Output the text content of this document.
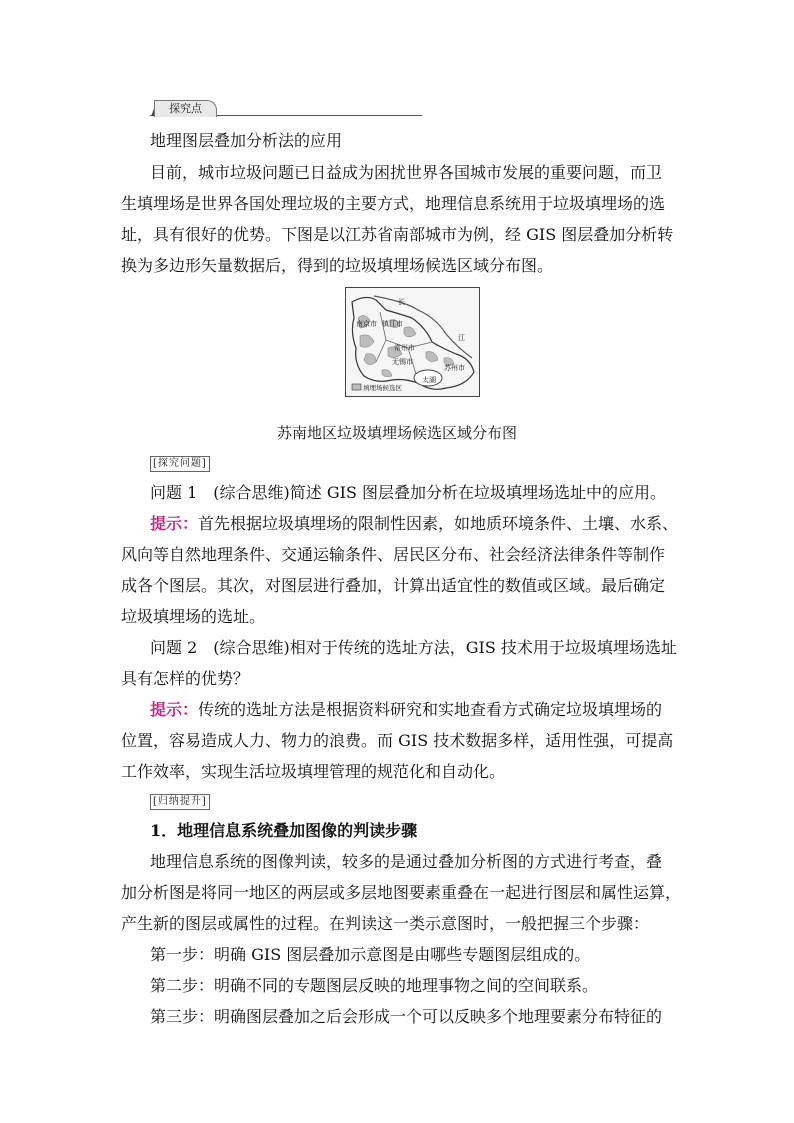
探究点
地理图层叠加分析法的应用
目前，城市垃圾问题已日益成为困扰世界各国城市发展的重要问题，而卫
生填埋场是世界各国处理垃圾的主要方式，地理信息系统用于垃圾填埋场的选
址，具有很好的优势。下图是以江苏省南部城市为例，经 GIS 图层叠加分析转
换为多边形矢量数据后，得到的垃圾填埋场候选区域分布图。
长
南京市 镇江市
常州市
江
无锡市
苏州市
太湖
填埋场候选区
苏南地区垃圾填埋场候选区域分布图
[探究问题]
问题 1　(综合思维)简述 GIS 图层叠加分析在垃圾填埋场选址中的应用。
提示：首先根据垃圾填埋场的限制性因素，如地质环境条件、土壤、水系、
风向等自然地理条件、交通运输条件、居民区分布、社会经济法律条件等制作
成各个图层。其次，对图层进行叠加，计算出适宜性的数值或区域。最后确定
垃圾填埋场的选址。
问题 2　(综合思维)相对于传统的选址方法，GIS 技术用于垃圾填埋场选址
具有怎样的优势？
提示：传统的选址方法是根据资料研究和实地查看方式确定垃圾填埋场的
位置，容易造成人力、物力的浪费。而 GIS 技术数据多样，适用性强，可提高
工作效率，实现生活垃圾填埋管理的规范化和自动化。
[归纳提升]
1．地理信息系统叠加图像的判读步骤
地理信息系统的图像判读，较多的是通过叠加分析图的方式进行考查，叠
加分析图是将同一地区的两层或多层地图要素重叠在一起进行图层和属性运算，
产生新的图层或属性的过程。在判读这一类示意图时，一般把握三个步骤：
第一步：明确 GIS 图层叠加示意图是由哪些专题图层组成的。
第二步：明确不同的专题图层反映的地理事物之间的空间联系。
第三步：明确图层叠加之后会形成一个可以反映多个地理要素分布特征的
